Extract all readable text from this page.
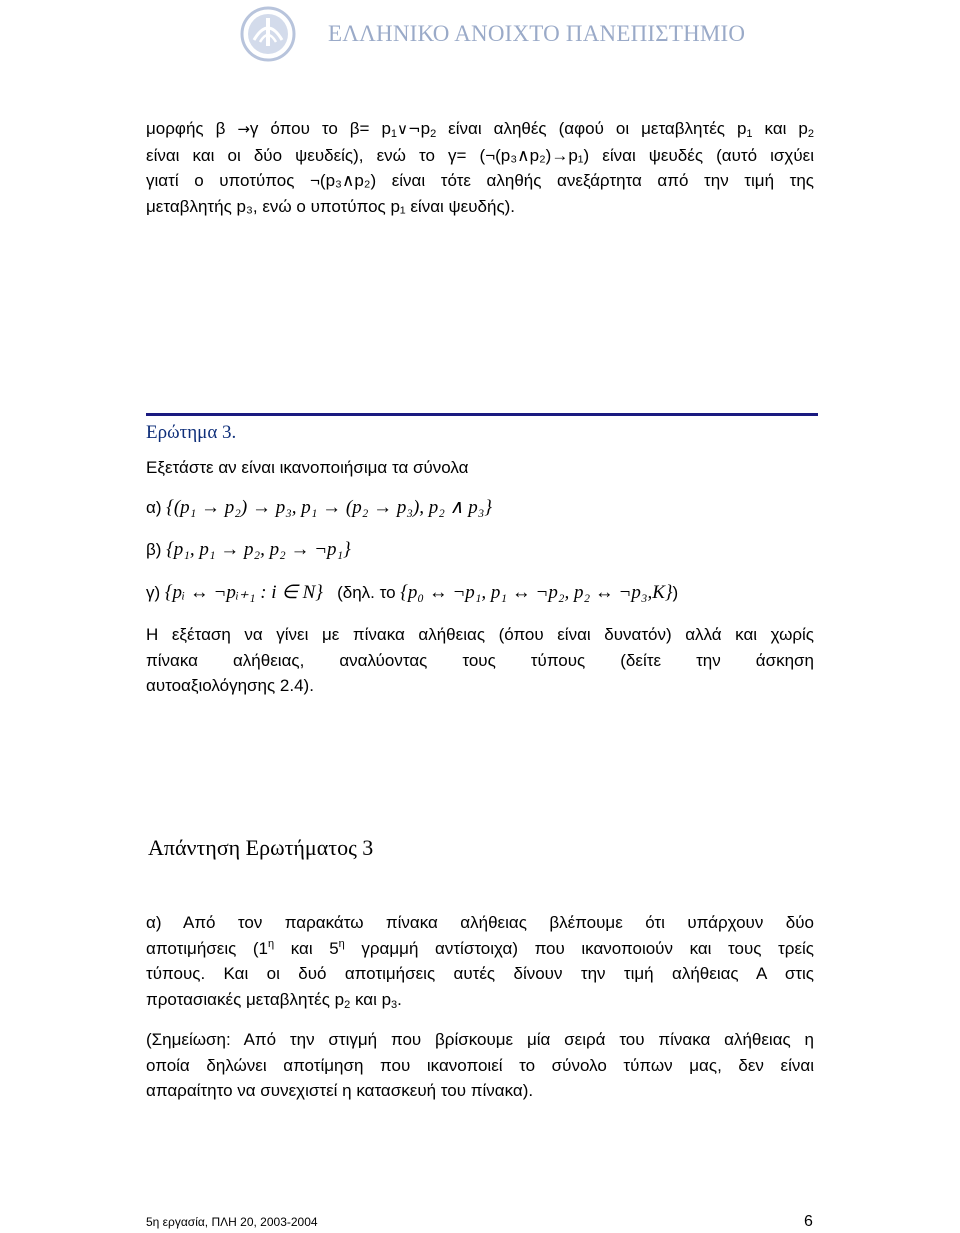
ΕΛΛΗΝΙΚΟ ΑΝΟΙΧΤΟ ΠΑΝΕΠΙΣΤΗΜΙΟ
μορφής β →γ όπου το $\beta= p_1\vee\neg p_2$ είναι αληθές (αφού οι μεταβλητές $p_1$ και $p_2$
είναι και οι δύο ψευδείς), ενώ το γ= (¬(p₃∧p₂)→p₁) είναι ψευδές (αυτό ισχύει
γιατί ο υποτύπος ¬(p₃∧p₂) είναι τότε αληθής ανεξάρτητα από την τιμή της
μεταβλητής p₃, ενώ ο υποτύπος p₁ είναι ψευδής).
Ερώτημα 3.
Εξετάστε αν είναι ικανοποιήσιμα τα σύνολα
α) {(p₁ → p₂) → p₃, p₁ → (p₂ → p₃), p₂ ∧ p₃}
β) {p₁, p₁ → p₂, p₂ → ¬p₁}
γ) {pᵢ ↔ ¬pᵢ₊₁ : i ∈ N} (δηλ. το {p₀ ↔ ¬p₁, p₁ ↔ ¬p₂, p₂ ↔ ¬p₃,K})
Η εξέταση να γίνει με πίνακα αλήθειας (όπου είναι δυνατόν) αλλά και χωρίς
πίνακα αλήθειας, αναλύοντας τους τύπους (δείτε την άσκηση
αυτοαξιολόγησης 2.4).
Απάντηση Ερωτήματος 3
α) Από τον παρακάτω πίνακα αλήθειας βλέπουμε ότι υπάρχουν δύο
αποτιμήσεις ($1^\eta$ και $5^\eta$ γραμμή αντίστοιχα) που ικανοποιούν και τους τρείς
τύπους. Και οι δυό αποτιμήσεις αυτές δίνουν την τιμή αλήθειας Α στις
προτασιακές μεταβλητές $p_2$ και $p_3$.
(Σημείωση: Από την στιγμή που βρίσκουμε μία σειρά του πίνακα αλήθειας η
οποία δηλώνει αποτίμηση που ικανοποιεί το σύνολο τύπων μας, δεν είναι
απαραίτητο να συνεχιστεί η κατασκευή του πίνακα).
5η εργασία, ΠΛΗ 20, 2003-2004	6
